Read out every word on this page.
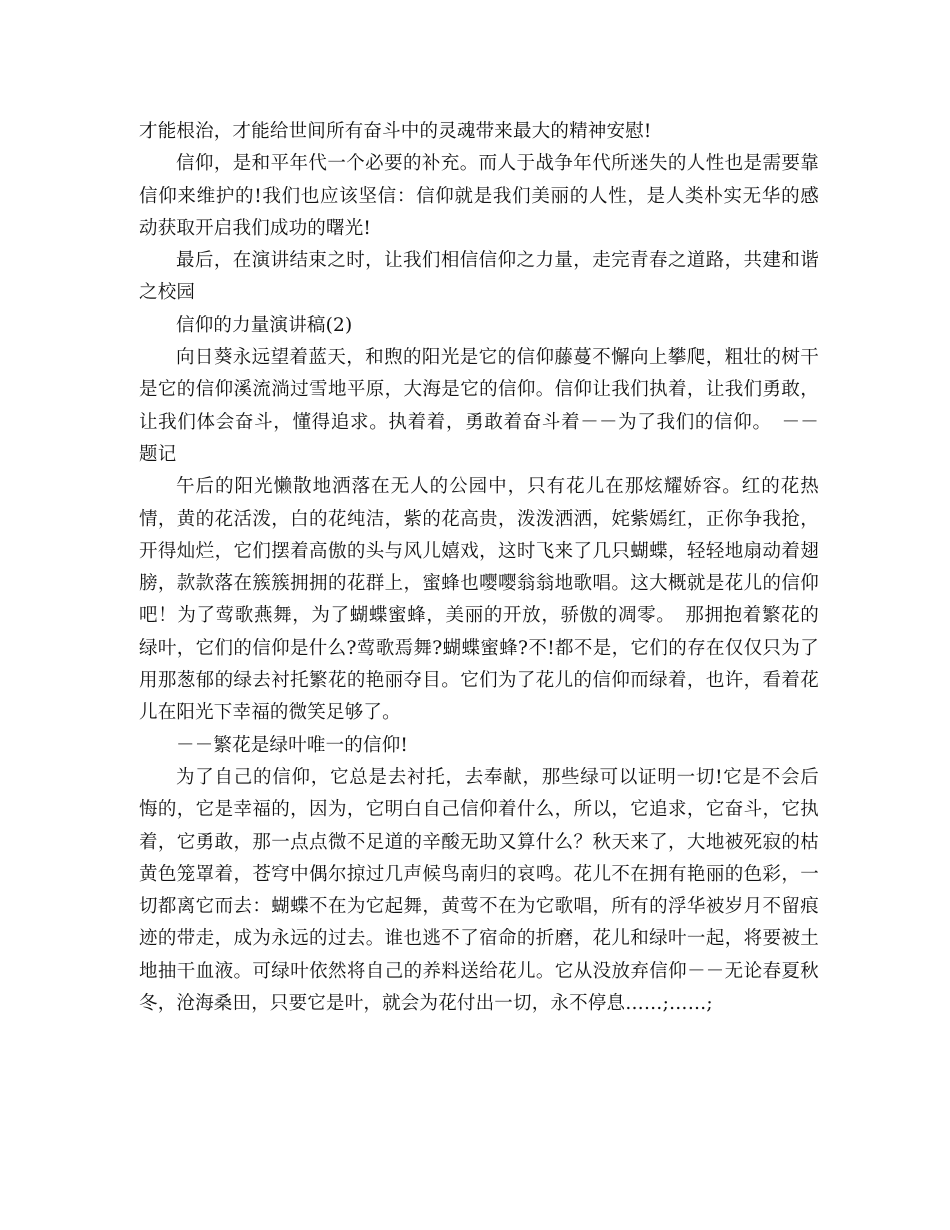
才能根治，才能给世间所有奋斗中的灵魂带来最大的精神安慰!

信仰，是和平年代一个必要的补充。而人于战争年代所迷失的人性也是需要靠信仰来维护的!我们也应该坚信：信仰就是我们美丽的人性，是人类朴实无华的感动获取开启我们成功的曙光!

最后，在演讲结束之时，让我们相信信仰之力量，走完青春之道路，共建和谐之校园

信仰的力量演讲稿(2)

向日葵永远望着蓝天，和煦的阳光是它的信仰藤蔓不懈向上攀爬，粗壮的树干是它的信仰溪流淌过雪地平原，大海是它的信仰。信仰让我们执着，让我们勇敢，让我们体会奋斗，懂得追求。执着着，勇敢着奋斗着－－为了我们的信仰。　－－题记

午后的阳光懒散地洒落在无人的公园中，只有花儿在那炫耀娇容。红的花热情，黄的花活泼，白的花纯洁，紫的花高贵，泼泼洒洒，姹紫嫣红，正你争我抢，开得灿烂，它们摆着高傲的头与风儿嬉戏，这时飞来了几只蝴蝶，轻轻地扇动着翅膀，款款落在簇簇拥拥的花群上，蜜蜂也嘤嘤翁翁地歌唱。这大概就是花儿的信仰吧！为了莺歌燕舞，为了蝴蝶蜜蜂，美丽的开放，骄傲的凋零。　那拥抱着繁花的绿叶，它们的信仰是什么?莺歌焉舞?蝴蝶蜜蜂?不!都不是，它们的存在仅仅只为了用那葱郁的绿去衬托繁花的艳丽夺目。它们为了花儿的信仰而绿着，也许，看着花儿在阳光下幸福的微笑足够了。

－－繁花是绿叶唯一的信仰!

为了自己的信仰，它总是去衬托，去奉献，那些绿可以证明一切!它是不会后悔的，它是幸福的，因为，它明白自己信仰着什么，所以，它追求，它奋斗，它执着，它勇敢，那一点点微不足道的辛酸无助又算什么？秋天来了，大地被死寂的枯黄色笼罩着，苍穹中偶尔掠过几声候鸟南归的哀鸣。花儿不在拥有艳丽的色彩，一切都离它而去：蝴蝶不在为它起舞，黄莺不在为它歌唱，所有的浮华被岁月不留痕迹的带走，成为永远的过去。谁也逃不了宿命的折磨，花儿和绿叶一起，将要被土地抽干血液。可绿叶依然将自己的养料送给花儿。它从没放弃信仰－－无论春夏秋冬，沧海桑田，只要它是叶，就会为花付出一切，永不停息……;……;
